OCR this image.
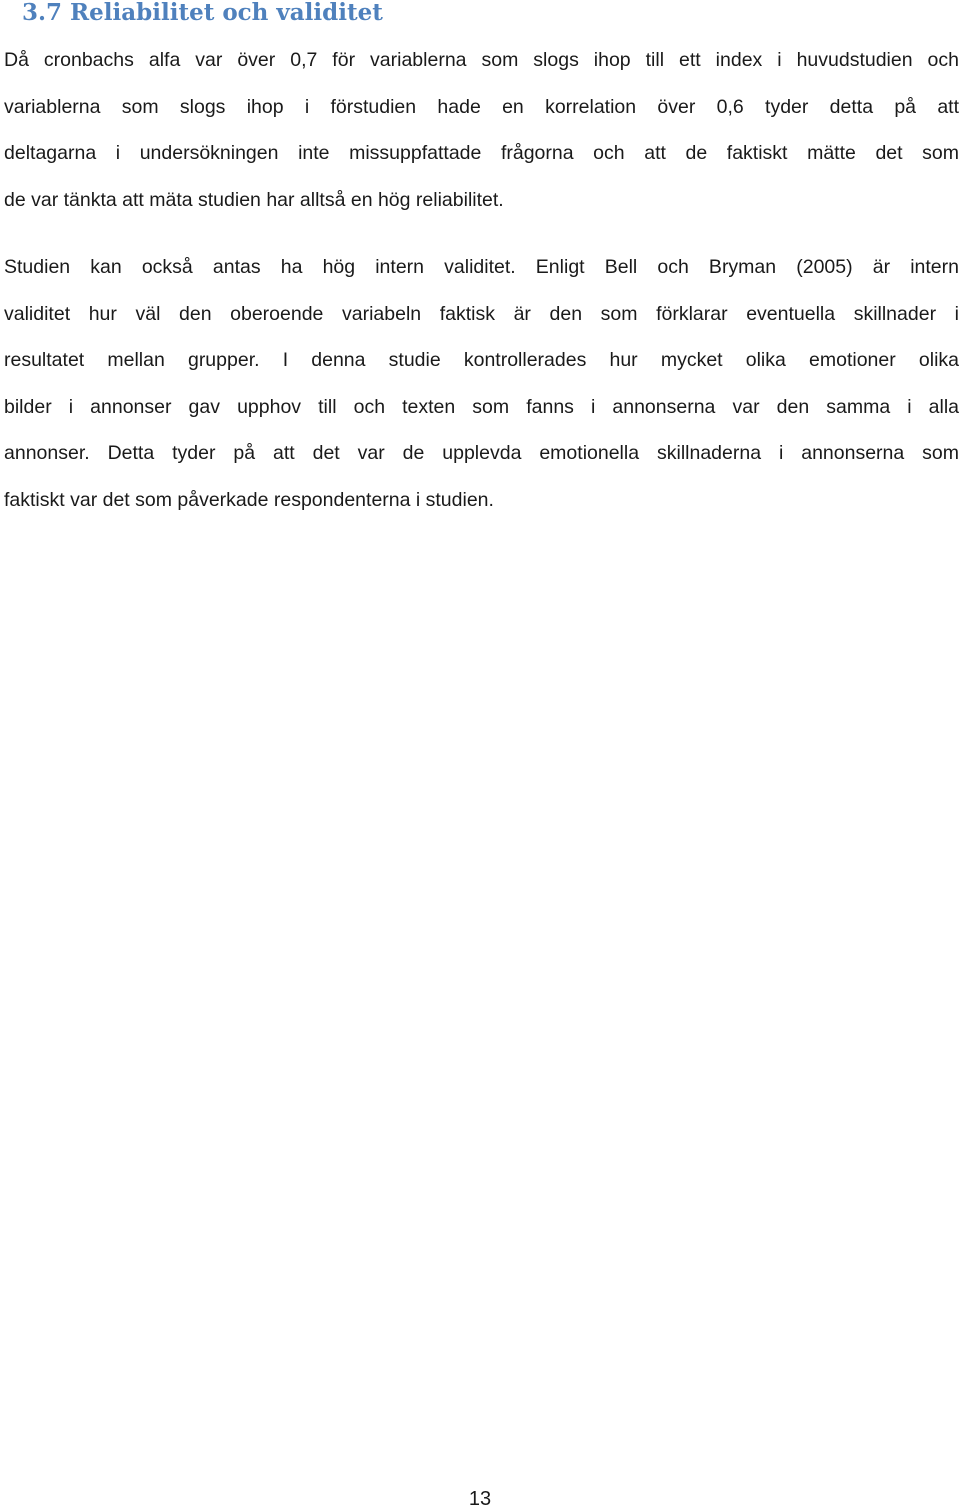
3.7 Reliabilitet och validitet

Då cronbachs alfa var över 0,7 för variablerna som slogs ihop till ett index i huvudstudien och
variablerna som slogs ihop i förstudien hade en korrelation över 0,6 tyder detta på att
deltagarna i undersökningen inte missuppfattade frågorna och att de faktiskt mätte det som
de var tänkta att mäta studien har alltså en hög reliabilitet.

Studien kan också antas ha hög intern validitet. Enligt Bell och Bryman (2005) är intern
validitet hur väl den oberoende variabeln faktisk är den som förklarar eventuella skillnader i
resultatet mellan grupper. I denna studie kontrollerades hur mycket olika emotioner olika
bilder i annonser gav upphov till och texten som fanns i annonserna var den samma i alla
annonser. Detta tyder på att det var de upplevda emotionella skillnaderna i annonserna som
faktiskt var det som påverkade respondenterna i studien.

13
